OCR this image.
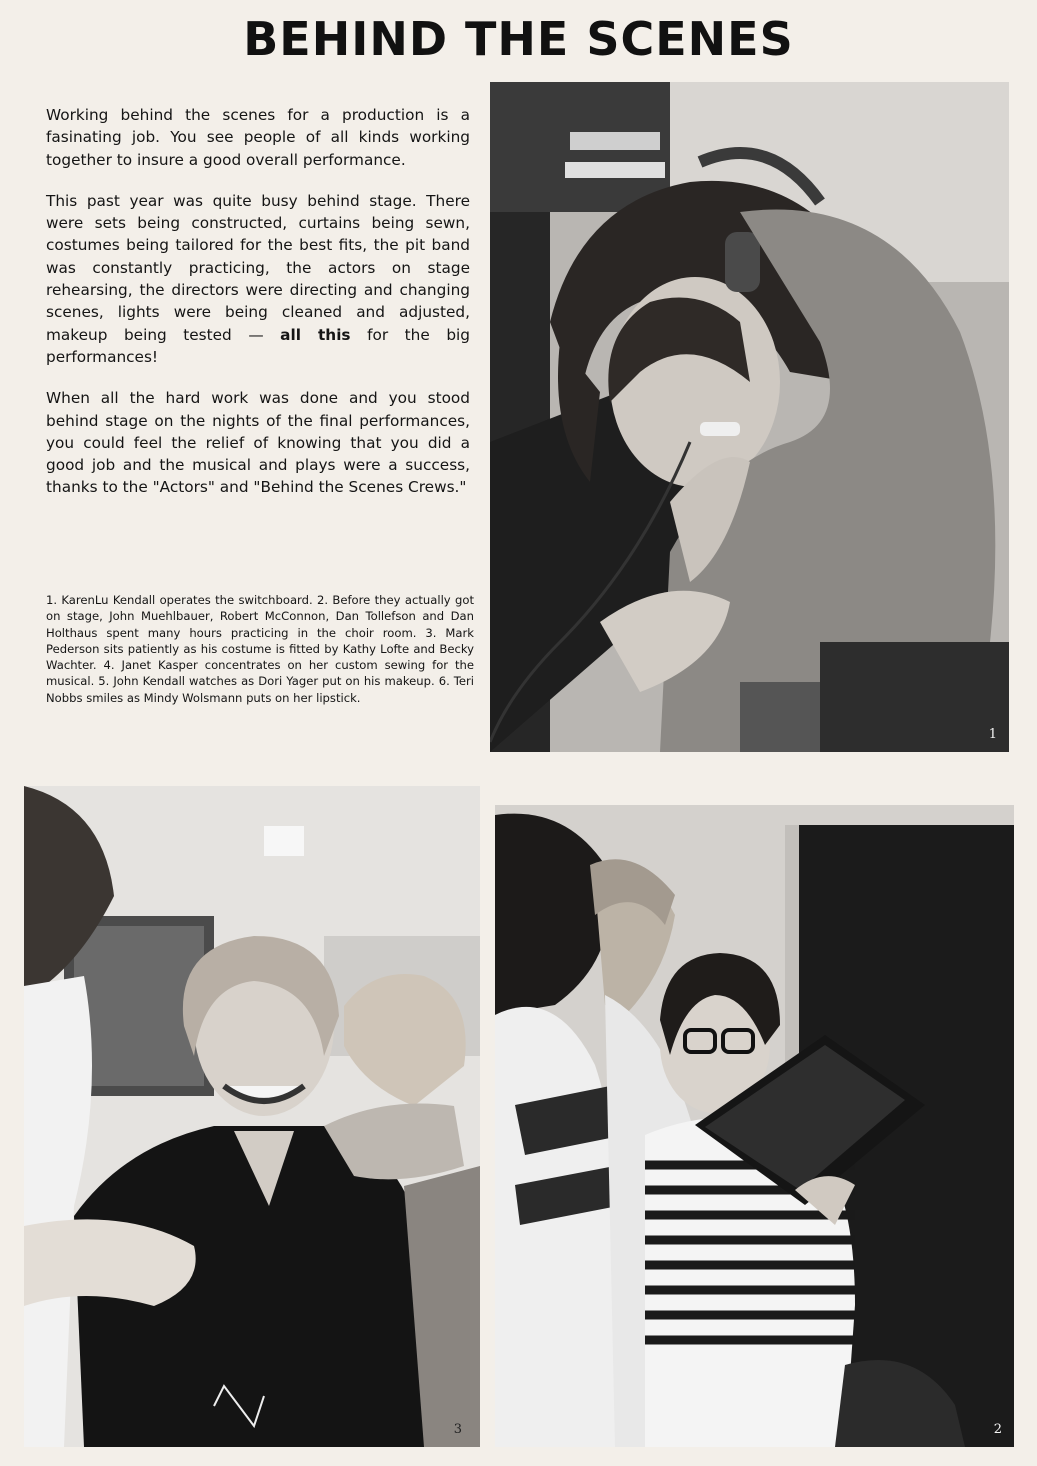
BEHIND THE SCENES

Working behind the scenes for a production is a fasinating job. You see people of all kinds working together to insure a good overall performance.

This past year was quite busy behind stage. There were sets being constructed, curtains being sewn, costumes being tailored for the best fits, the pit band was constantly practicing, the actors on stage rehearsing, the directors were directing and changing scenes, lights were being cleaned and adjusted, makeup being tested — all this for the big performances!

When all the hard work was done and you stood behind stage on the nights of the final performances, you could feel the relief of knowing that you did a good job and the musical and plays were a success, thanks to the "Actors" and "Behind the Scenes Crews."

1. KarenLu Kendall operates the switchboard. 2. Before they actually got on stage, John Muehlbauer, Robert McConnon, Dan Tollefson and Dan Holthaus spent many hours practicing in the choir room. 3. Mark Pederson sits patiently as his costume is fitted by Kathy Lofte and Becky Wachter. 4. Janet Kasper concentrates on her custom sewing for the musical. 5. John Kendall watches as Dori Yager put on his makeup. 6. Teri Nobbs smiles as Mindy Wolsmann puts on her lipstick.
1
3	2
